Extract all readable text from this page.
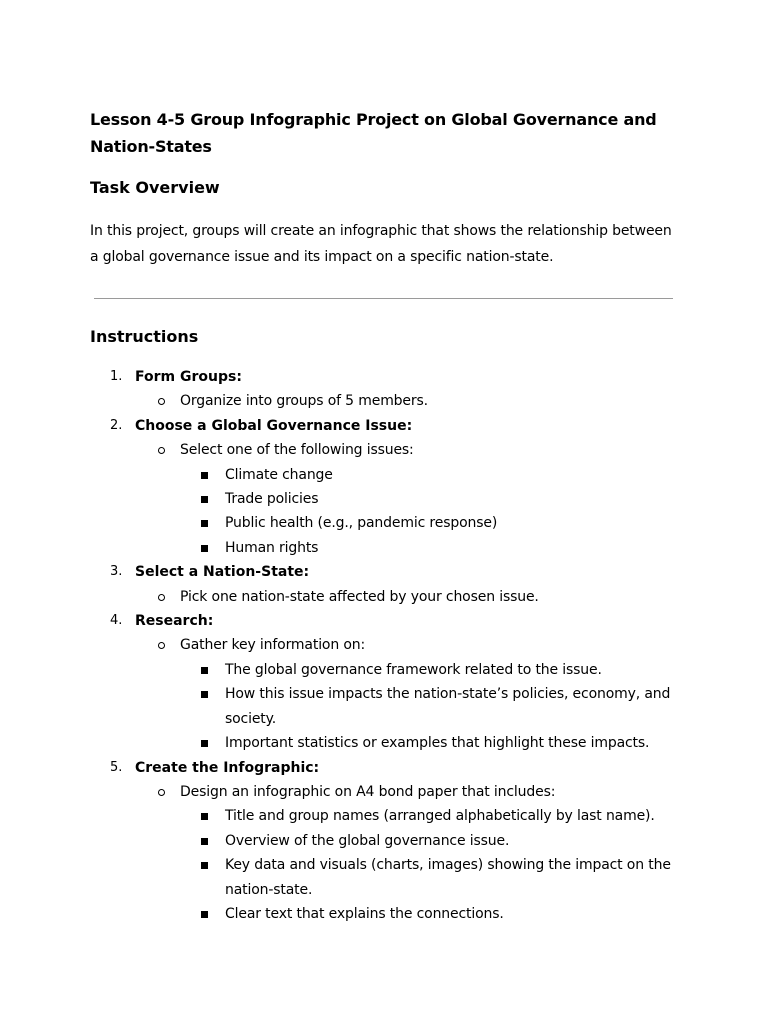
Lesson 4-5 Group Infographic Project on Global Governance and Nation-States
Task Overview

In this project, groups will create an infographic that shows the relationship between a global governance issue and its impact on a specific nation-state.

Instructions
1. Form Groups:
Organize into groups of 5 members.
2. Choose a Global Governance Issue:
Select one of the following issues:
Climate change
Trade policies
Public health (e.g., pandemic response)
Human rights
3. Select a Nation-State:
Pick one nation-state affected by your chosen issue.
4. Research:
Gather key information on:
The global governance framework related to the issue.
How this issue impacts the nation-state’s policies, economy, and society.
Important statistics or examples that highlight these impacts.
5. Create the Infographic:
Design an infographic on A4 bond paper that includes:
Title and group names (arranged alphabetically by last name).
Overview of the global governance issue.
Key data and visuals (charts, images) showing the impact on the nation-state.
Clear text that explains the connections.
